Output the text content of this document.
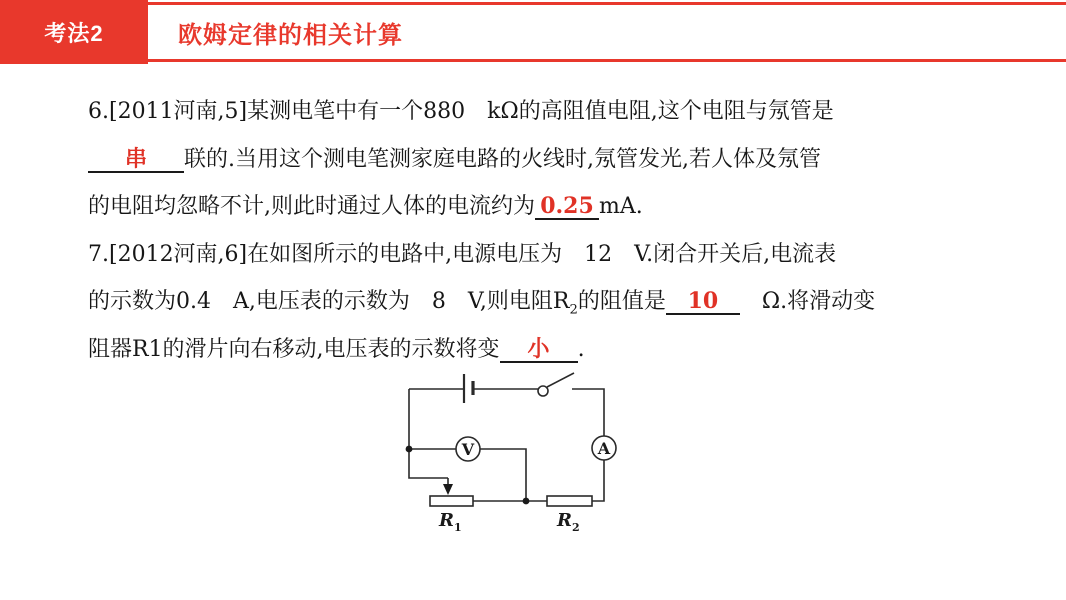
考法2	欧姆定律的相关计算
6.[2011河南,5]某测电笔中有一个880　kΩ的高阻值电阻,这个电阻与氖管是
串 联的.当用这个测电笔测家庭电路的火线时,氖管发光,若人体及氖管
的电阻均忽略不计,则此时通过人体的电流约为 0.25 mA.
7.[2012河南,6]在如图所示的电路中,电源电压为　12　V.闭合开关后,电流表
的示数为0.4　A,电压表的示数为　8　V,则电阻$R_2$的阻值是 10　Ω.将滑动变
阻器R1的滑片向右移动,电压表的示数将变 小 .
V	A
$R_1$	$R_2$
